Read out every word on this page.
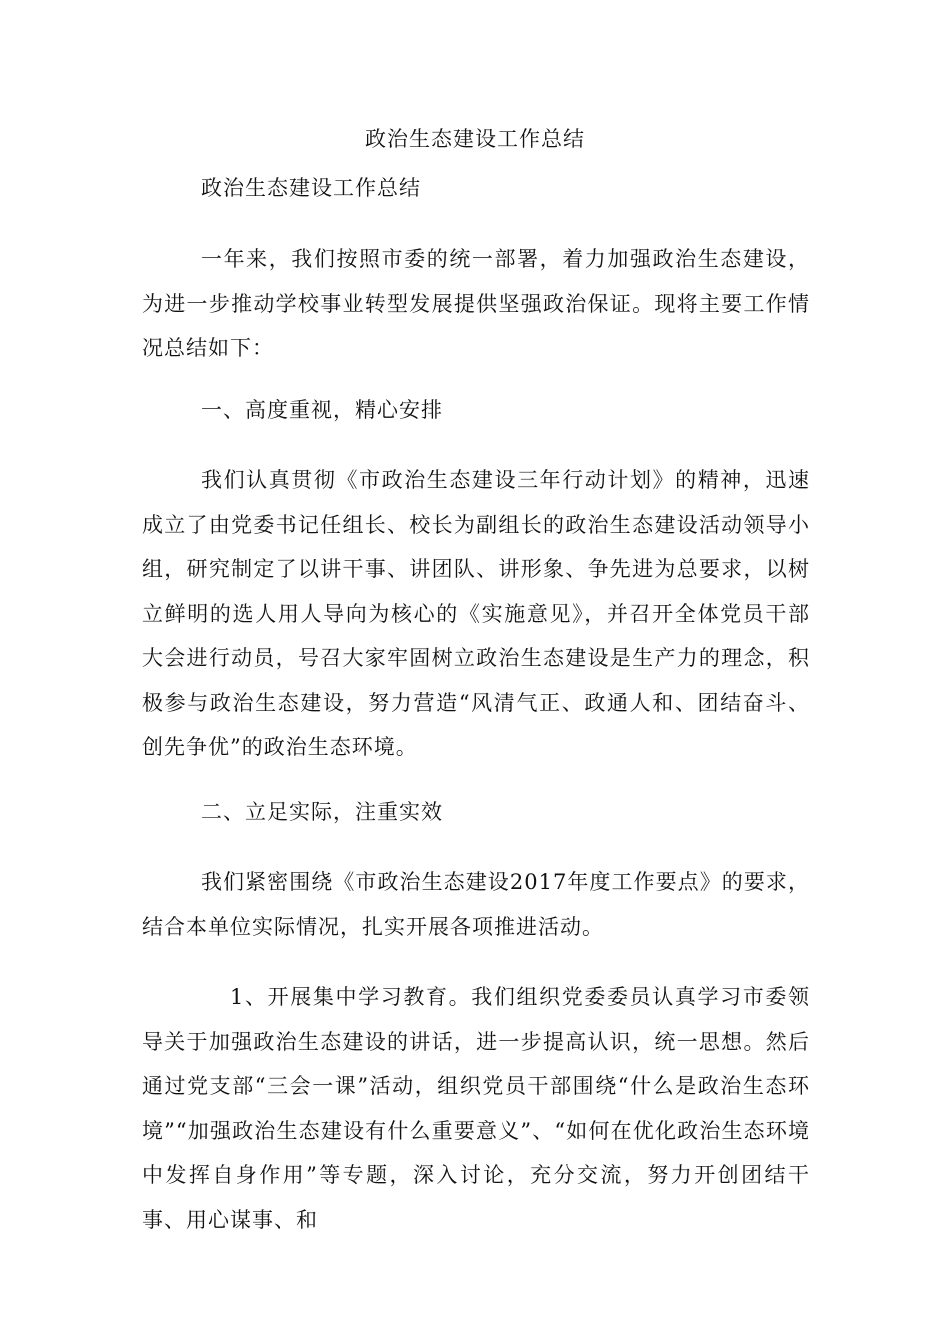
政治生态建设工作总结

政治生态建设工作总结

一年来，我们按照市委的统一部署，着力加强政治生态建设，为进一步推动学校事业转型发展提供坚强政治保证。现将主要工作情况总结如下：

一、高度重视，精心安排

我们认真贯彻《市政治生态建设三年行动计划》的精神，迅速成立了由党委书记任组长、校长为副组长的政治生态建设活动领导小组，研究制定了以讲干事、讲团队、讲形象、争先进为总要求，以树立鲜明的选人用人导向为核心的《实施意见》，并召开全体党员干部大会进行动员，号召大家牢固树立政治生态建设是生产力的理念，积极参与政治生态建设，努力营造“风清气正、政通人和、团结奋斗、创先争优”的政治生态环境。

二、立足实际，注重实效

我们紧密围绕《市政治生态建设2017年度工作要点》的要求，结合本单位实际情况，扎实开展各项推进活动。

1、开展集中学习教育。我们组织党委委员认真学习市委领导关于加强政治生态建设的讲话，进一步提高认识，统一思想。然后通过党支部“三会一课”活动，组织党员干部围绕“什么是政治生态环境”“加强政治生态建设有什么重要意义”、“如何在优化政治生态环境中发挥自身作用”等专题，深入讨论，充分交流，努力开创团结干事、用心谋事、和
